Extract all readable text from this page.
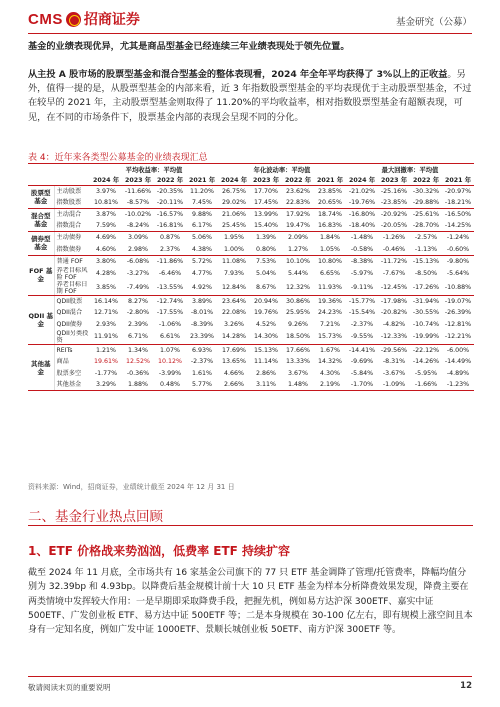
CMS 招商证券	基金研究（公募）
基金的业绩表现优异，尤其是商品型基金已经连续三年业绩表现处于领先位置。
从主投 A 股市场的股票型基金和混合型基金的整体表现看，2024 年全年平均获得了 3%以上的正收益。另外，值得一提的是，从股票型基金的内部来看，近 3 年指数股票型基金的平均表现优于主动股票型基金，不过在较早的 2021 年，主动股票型基金则取得了 11.20%的平均收益率，相对指数股票型基金有超额表现，可见，在不同的市场条件下，股票基金内部的表现会呈现不同的分化。
表 4：近年来各类型公募基金的业绩表现汇总
		平均收益率：平均值				年化波动率：平均值				最大回撤率：平均值			
		2024 年	2023 年	2022 年	2021 年	2024 年	2023 年	2022 年	2021 年	2024 年	2023 年	2022 年	2021 年
股票型基金	主动股票	3.97%	-11.66%	-20.35%	11.20%	26.75%	17.70%	23.62%	23.85%	-21.02%	-25.16%	-30.32%	-20.97%
	指数股票	10.81%	-8.57%	-20.11%	7.45%	29.02%	17.45%	22.83%	20.65%	-19.76%	-23.85%	-29.88%	-18.21%
混合型基金	主动混合	3.87%	-10.02%	-16.57%	9.88%	21.06%	13.99%	17.92%	18.74%	-16.80%	-20.92%	-25.61%	-16.50%
	指数混合	7.59%	-8.24%	-16.81%	6.17%	25.45%	15.40%	19.47%	16.83%	-18.40%	-20.05%	-28.70%	-14.25%
债券型基金	主动债券	4.69%	3.09%	0.87%	5.06%	1.95%	1.39%	2.09%	1.84%	-1.48%	-1.26%	-2.57%	-1.24%
	指数债券	4.60%	2.98%	2.37%	4.38%	1.00%	0.80%	1.27%	1.05%	-0.58%	-0.46%	-1.13%	-0.60%
FOF 基金	普通 FOF	3.80%	-6.08%	-11.86%	5.72%	11.08%	7.53%	10.10%	10.80%	-8.38%	-11.72%	-15.13%	-9.80%
	养老目标风险 FOF	4.28%	-3.27%	-6.46%	4.77%	7.93%	5.04%	5.44%	6.65%	-5.97%	-7.67%	-8.50%	-5.64%
	养老目标日期 FOF	3.85%	-7.49%	-13.55%	4.92%	12.84%	8.67%	12.32%	11.93%	-9.11%	-12.45%	-17.26%	-10.88%
QDII 基金	QDII股票	16.14%	8.27%	-12.74%	3.89%	23.64%	20.94%	30.86%	19.36%	-15.77%	-17.98%	-31.94%	-19.07%
	QDII混合	12.71%	-2.80%	-17.55%	-8.01%	22.08%	19.76%	25.95%	24.23%	-15.54%	-20.82%	-30.55%	-26.39%
	QDII债券	2.93%	2.39%	-1.06%	-8.39%	3.26%	4.52%	9.26%	7.21%	-2.37%	-4.82%	-10.74%	-12.81%
	QDII另类投资	11.91%	6.71%	6.61%	23.39%	14.28%	14.30%	18.50%	15.73%	-9.55%	-12.33%	-19.99%	-12.21%
其他基金	REITs	1.21%	1.34%	1.07%	6.93%	17.69%	15.13%	17.66%	1.67%	-14.41%	-29.56%	-22.12%	-6.00%
	商品	19.61%	12.52%	10.12%	-2.37%	13.65%	11.14%	13.33%	14.32%	-9.69%	-8.31%	-14.26%	-14.49%
	股票多空	-1.77%	-0.36%	-3.99%	1.61%	4.66%	2.86%	3.67%	4.30%	-5.84%	-3.67%	-5.95%	-4.89%
	其他基金	3.29%	1.88%	0.48%	5.77%	2.66%	3.11%	1.48%	2.19%	-1.70%	-1.09%	-1.66%	-1.23%
资料来源：Wind，招商证券，业绩统计截至 2024 年 12 月 31 日
二、基金行业热点回顾
1、ETF 价格战来势汹汹，低费率 ETF 持续扩容
截至 2024 年 11 月底，全市场共有 16 家基金公司旗下的 77 只 ETF 基金调降了管理/托管费率，降幅均值分别为 32.39bp 和 4.93bp。以降费后基金规模计前十大 10 只 ETF 基金为样本分析降费效果发现，降费主要在两类情境中发挥较大作用：一是早期即采取降费手段，把握先机，例如易方达沪深 300ETF、嘉实中证 500ETF、广发创业板 ETF、易方达中证 500ETF 等；二是本身规模在 30-100 亿左右，即有规模上涨空间且本身有一定知名度，例如广发中证 1000ETF、景顺长城创业板 50ETF、南方沪深 300ETF 等。
敬请阅读末页的重要说明	12
